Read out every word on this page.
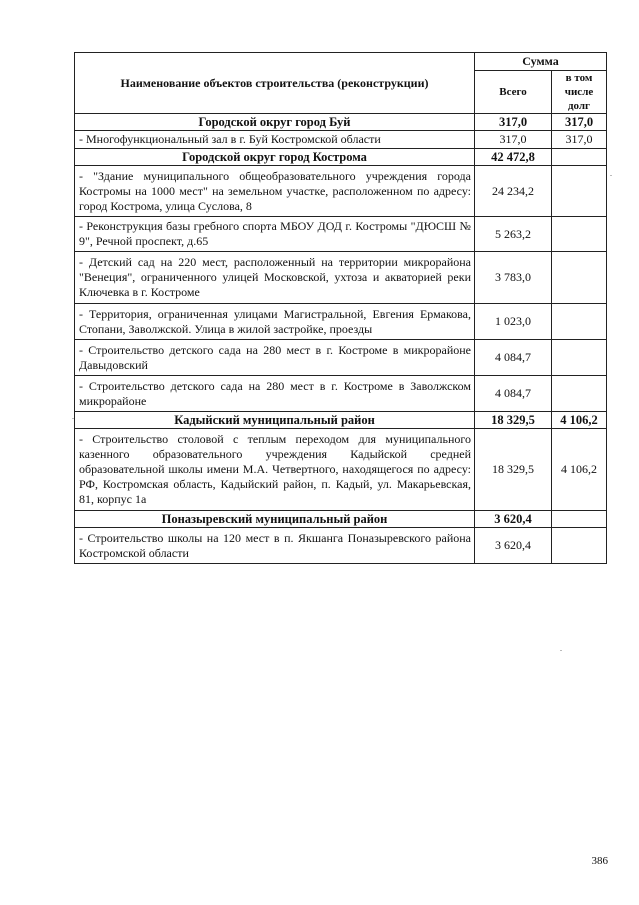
Наименование объектов строительства (реконструкции)	Сумма	
	Всего	в том числе долг
Городской округ город Буй	317,0	317,0
- Многофункциональный зал в г. Буй Костромской области	317,0	317,0
Городской округ город Кострома	42 472,8	
- "Здание муниципального общеобразовательного учреждения города Костромы на 1000 мест" на земельном участке, расположенном по адресу: город Кострома, улица Суслова, 8	24 234,2	
- Реконструкция базы гребного спорта МБОУ ДОД г. Костромы "ДЮСШ № 9", Речной проспект, д.65	5 263,2	
- Детский сад на 220 мест, расположенный на территории микрорайона "Венеция", ограниченного улицей Московской, ухтоза и акваторией реки Ключевка в г. Костроме	3 783,0	
- Территория, ограниченная улицами Магистральной, Евгения Ермакова, Стопани, Заволжской. Улица в жилой застройке, проезды	1 023,0	
- Строительство детского сада на 280 мест в г. Костроме в микрорайоне Давыдовский	4 084,7	
- Строительство детского сада на 280 мест в г. Костроме в Заволжском микрорайоне	4 084,7	
Кадыйский муниципальный район	18 329,5	4 106,2
- Строительство столовой с теплым переходом для муниципального казенного образовательного учреждения Кадыйской средней образовательной школы имени М.А. Четвертного, находящегося по адресу: РФ, Костромская область, Кадыйский район, п. Кадый, ул. Макарьевская, 81, корпус 1а	18 329,5	4 106,2
Поназыревский муниципальный район	3 620,4	
- Строительство школы на 120 мест в п. Якшанга Поназыревского района Костромской области	3 620,4	
386
